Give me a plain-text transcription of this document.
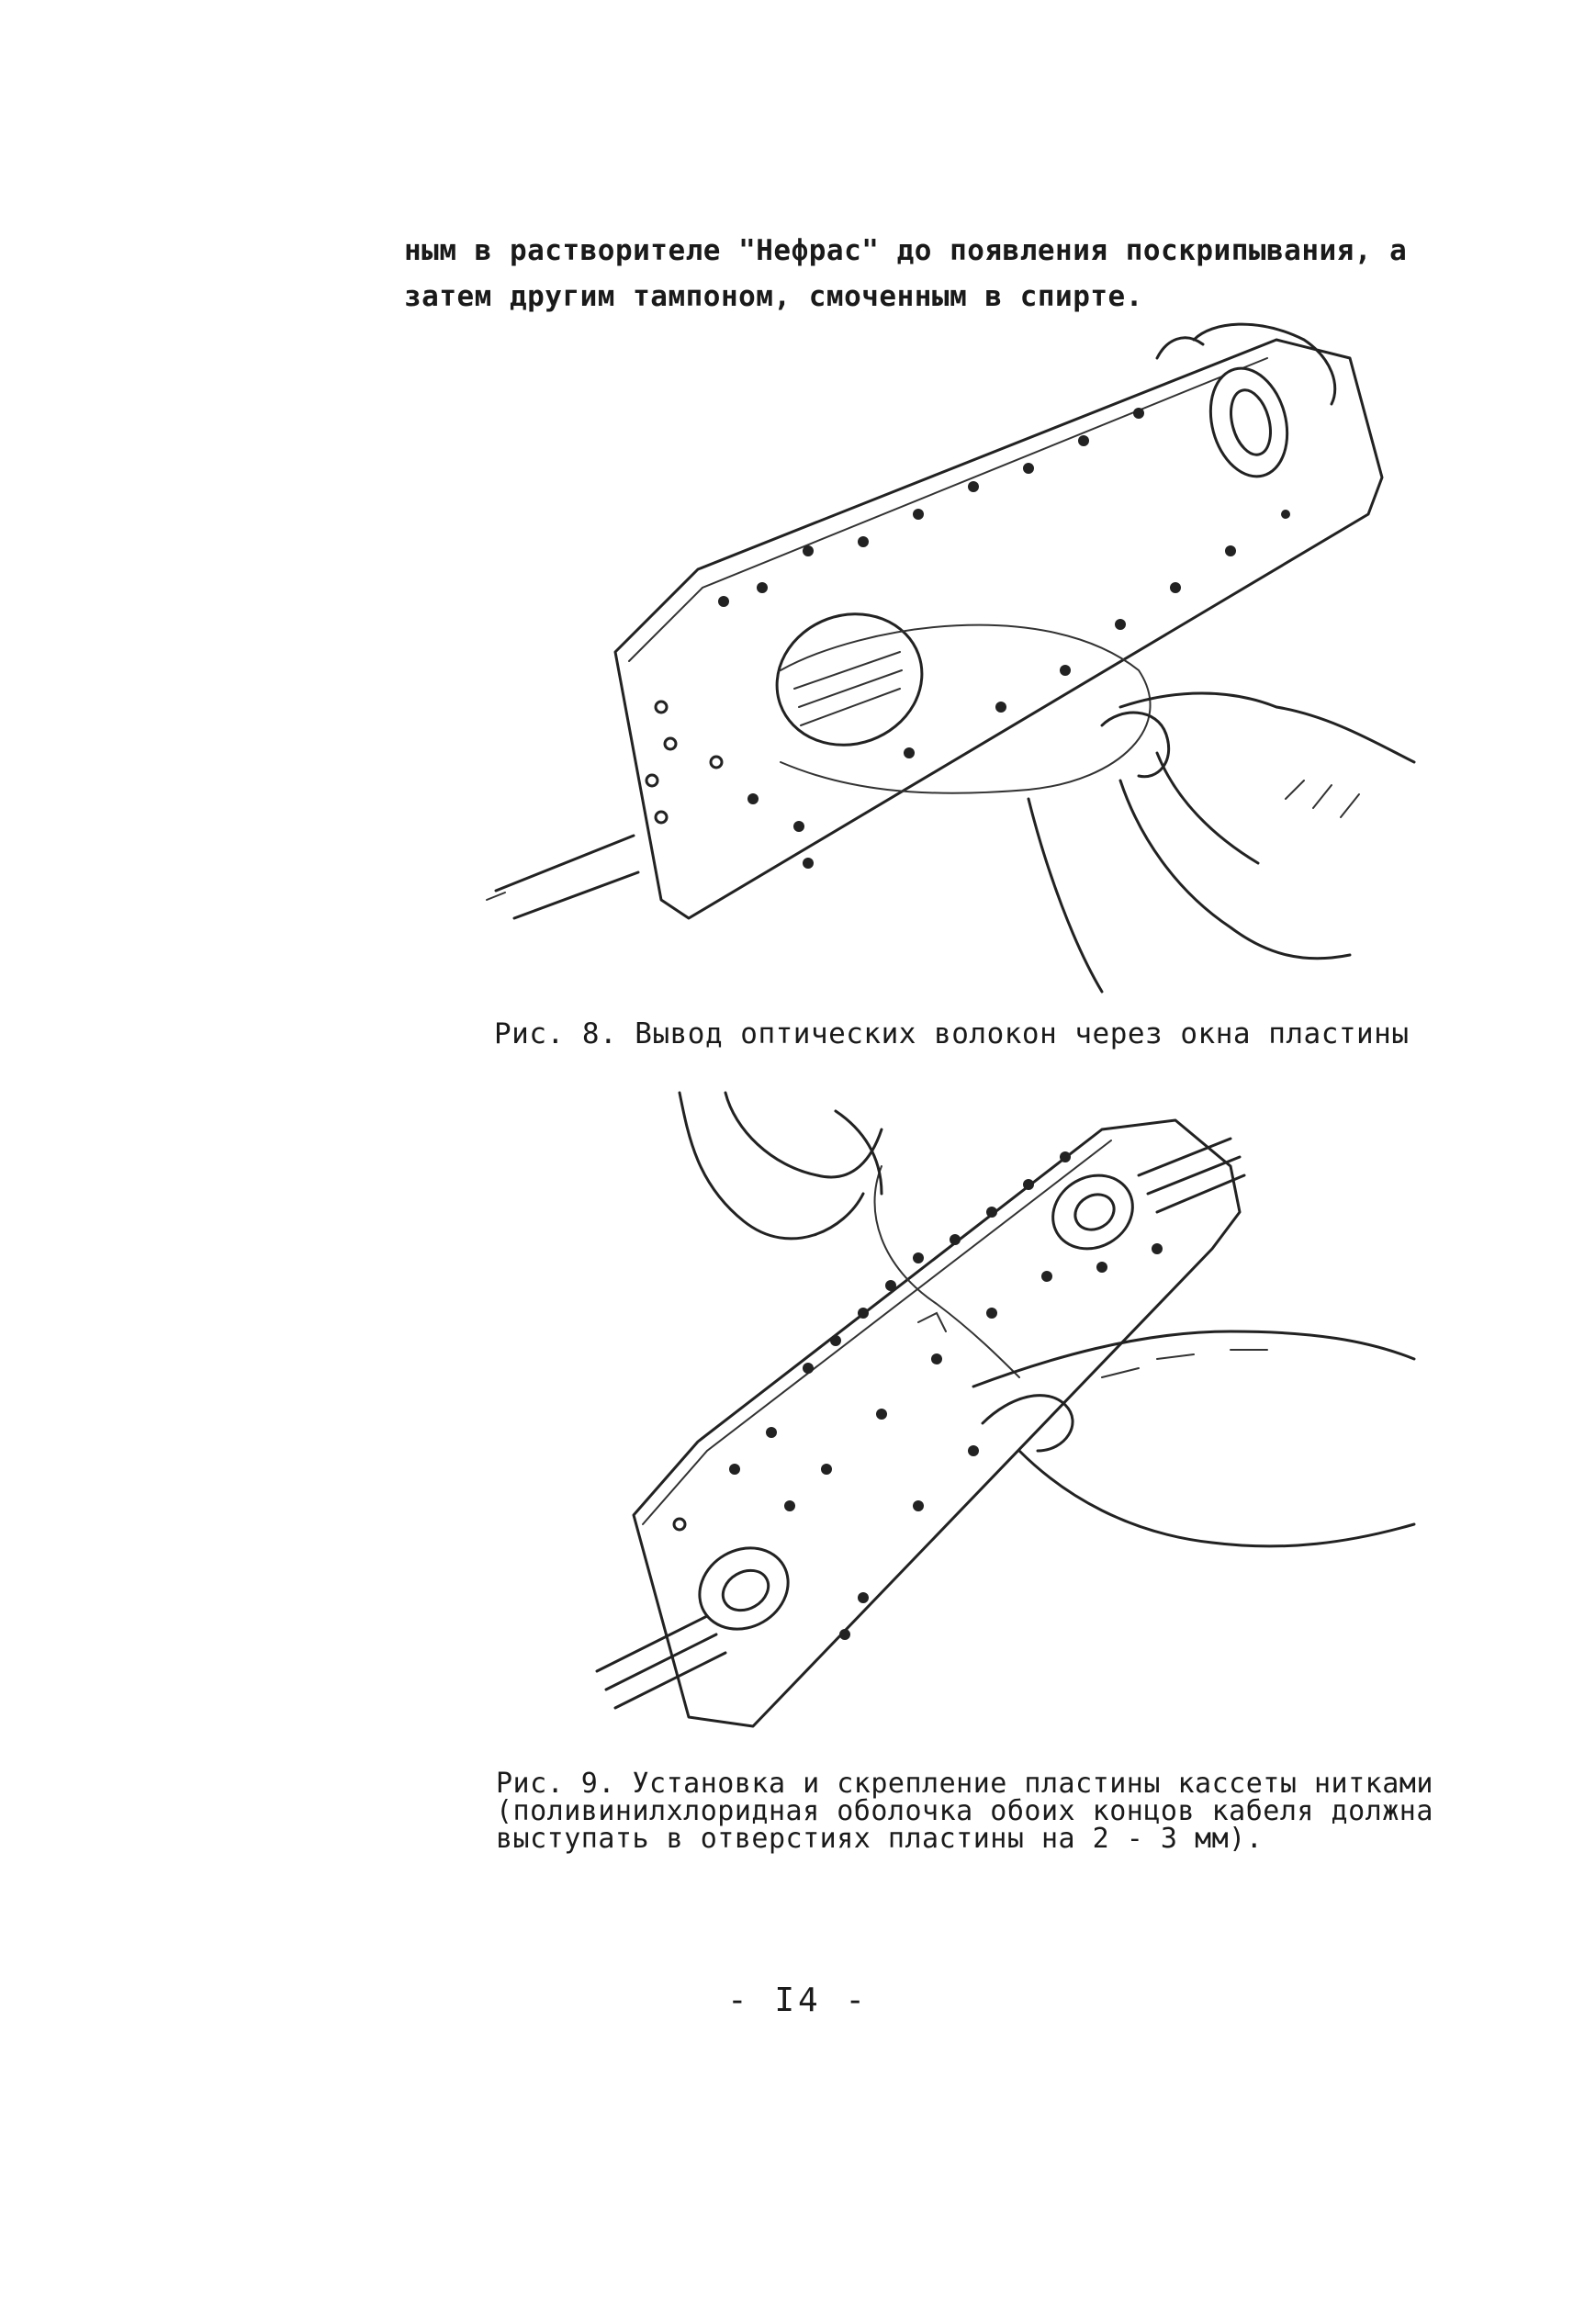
ным в растворителе "Нефрас" до появления поскрипывания, а
затем другим тампоном, смоченным в спирте.
Рис. 8. Вывод оптических волокон через окна пластины
Рис. 9. Установка и скрепление пластины кассеты нитками
(поливинилхлоридная оболочка обоих концов кабеля должна
выступать в отверстиях пластины на 2 - 3 мм).
- I4 -
